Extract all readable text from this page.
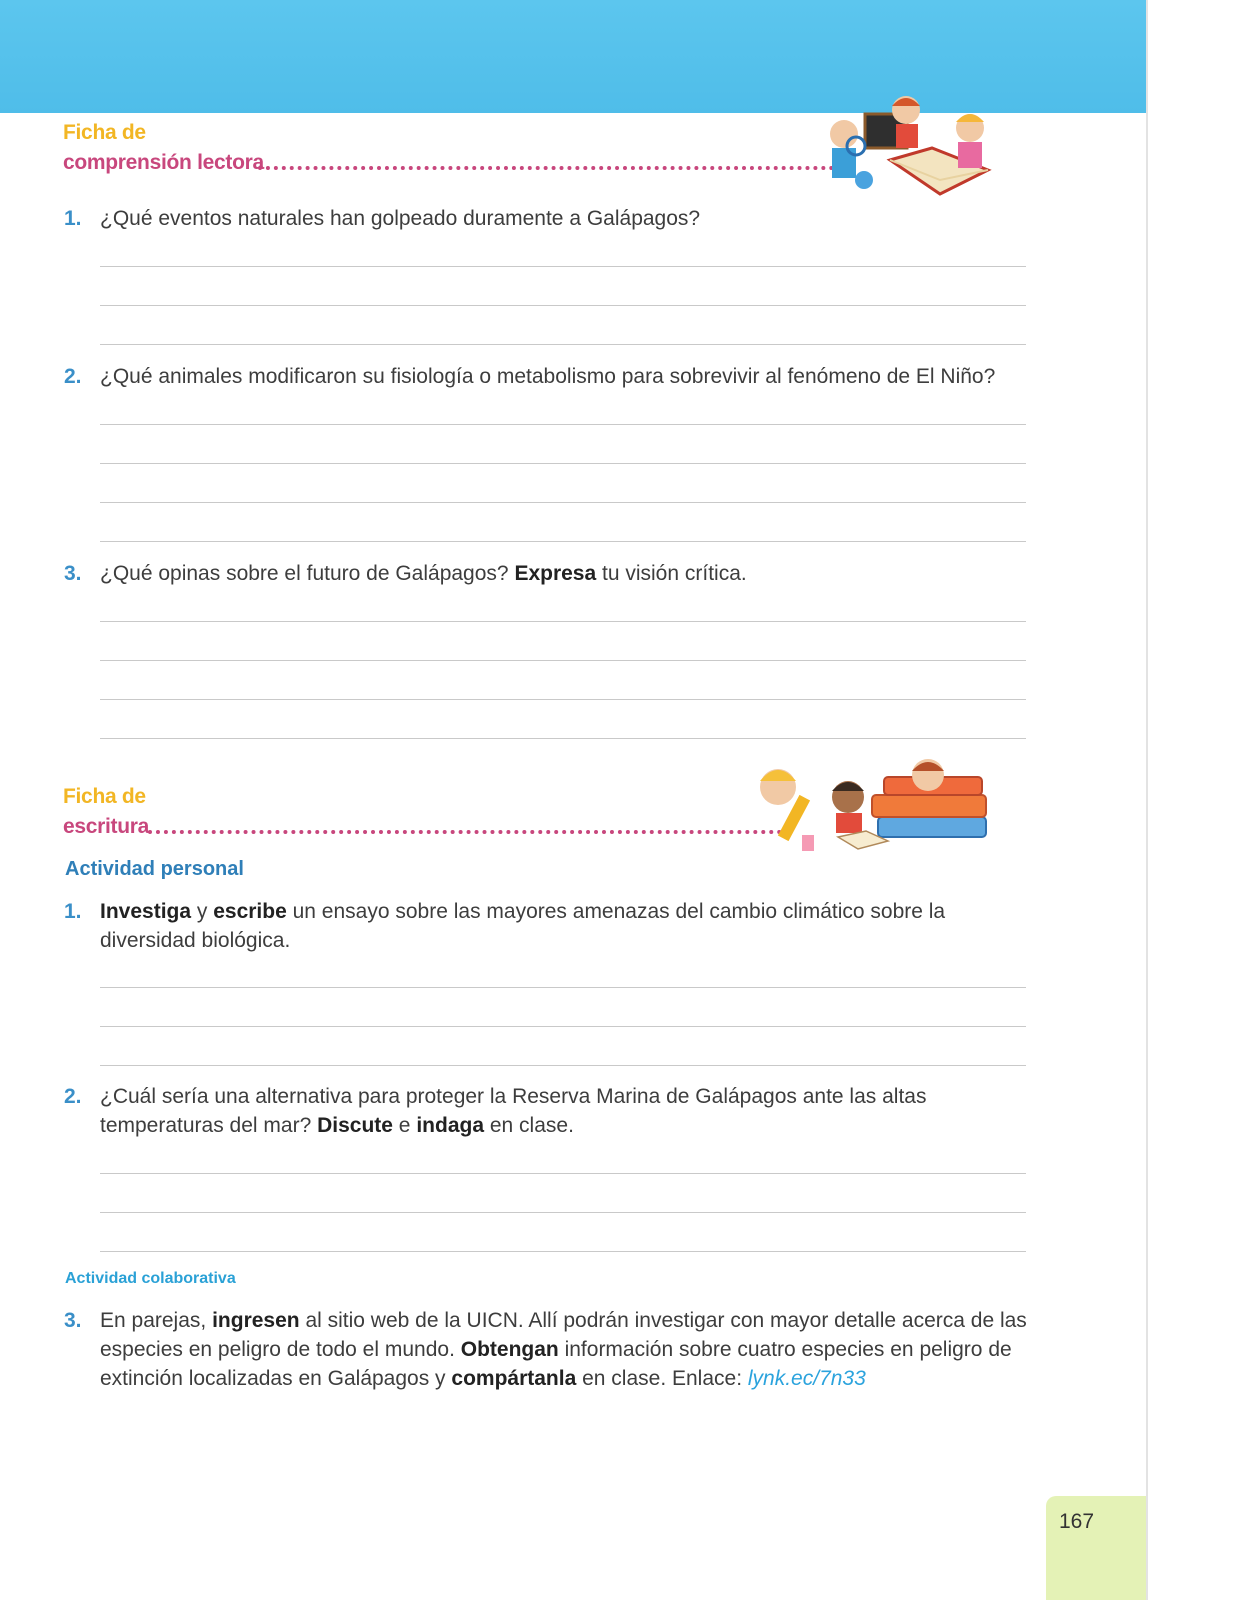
Ficha de
comprensión lectora
1. ¿Qué eventos naturales han golpeado duramente a Galápagos?
2. ¿Qué animales modificaron su fisiología o metabolismo para sobrevivir al fenómeno de El Niño?
3. ¿Qué opinas sobre el futuro de Galápagos? Expresa tu visión crítica.
Ficha de
escritura
Actividad personal
1. Investiga y escribe un ensayo sobre las mayores amenazas del cambio climático sobre la diversidad biológica.
2. ¿Cuál sería una alternativa para proteger la Reserva Marina de Galápagos ante las altas temperaturas del mar? Discute e indaga en clase.
Actividad colaborativa
3. En parejas, ingresen al sitio web de la UICN. Allí podrán investigar con mayor detalle acerca de las especies en peligro de todo el mundo. Obtengan información sobre cuatro especies en peligro de extinción localizadas en Galápagos y compártanla en clase. Enlace: lynk.ec/7n33
167
